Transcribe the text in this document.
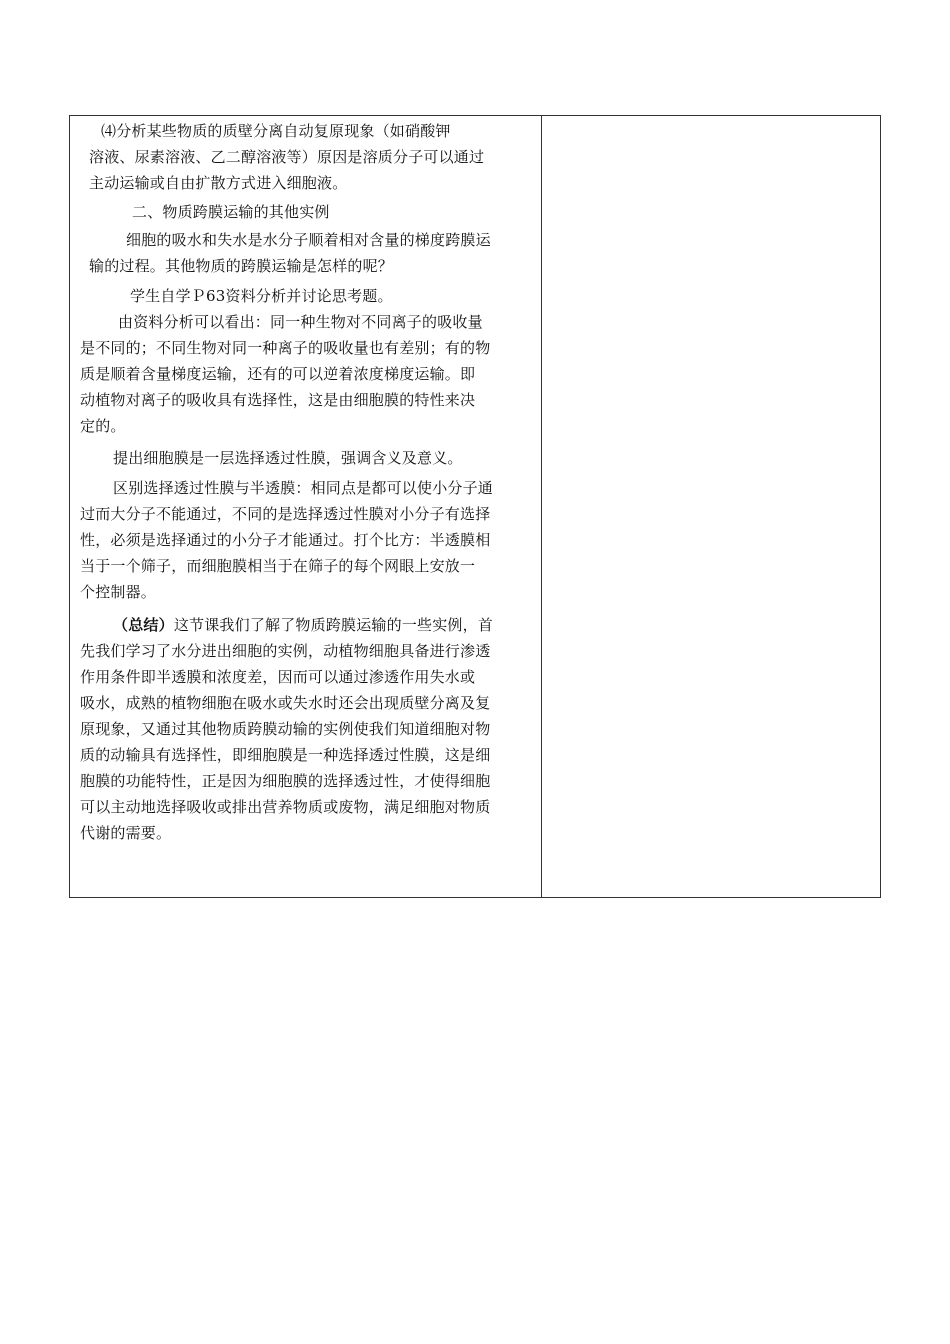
⑷分析某些物质的质壁分离自动复原现象（如硝酸钾
溶液、尿素溶液、乙二醇溶液等）原因是溶质分子可以通过
主动运输或自由扩散方式进入细胞液。
二、物质跨膜运输的其他实例
细胞的吸水和失水是水分子顺着相对含量的梯度跨膜运
输的过程。其他物质的跨膜运输是怎样的呢？
学生自学Ｐ63资料分析并讨论思考题。
由资料分析可以看出：同一种生物对不同离子的吸收量
是不同的；不同生物对同一种离子的吸收量也有差别；有的物
质是顺着含量梯度运输，还有的可以逆着浓度梯度运输。即
动植物对离子的吸收具有选择性，这是由细胞膜的特性来决
定的。
提出细胞膜是一层选择透过性膜，强调含义及意义。
区别选择透过性膜与半透膜：相同点是都可以使小分子通
过而大分子不能通过，不同的是选择透过性膜对小分子有选择
性，必须是选择通过的小分子才能通过。打个比方：半透膜相
当于一个筛子，而细胞膜相当于在筛子的每个网眼上安放一
个控制器。
（总结）这节课我们了解了物质跨膜运输的一些实例，首
先我们学习了水分进出细胞的实例，动植物细胞具备进行渗透
作用条件即半透膜和浓度差，因而可以通过渗透作用失水或
吸水，成熟的植物细胞在吸水或失水时还会出现质壁分离及复
原现象，又通过其他物质跨膜动输的实例使我们知道细胞对物
质的动输具有选择性，即细胞膜是一种选择透过性膜，这是细
胞膜的功能特性，正是因为细胞膜的选择透过性，才使得细胞
可以主动地选择吸收或排出营养物质或废物，满足细胞对物质
代谢的需要。
